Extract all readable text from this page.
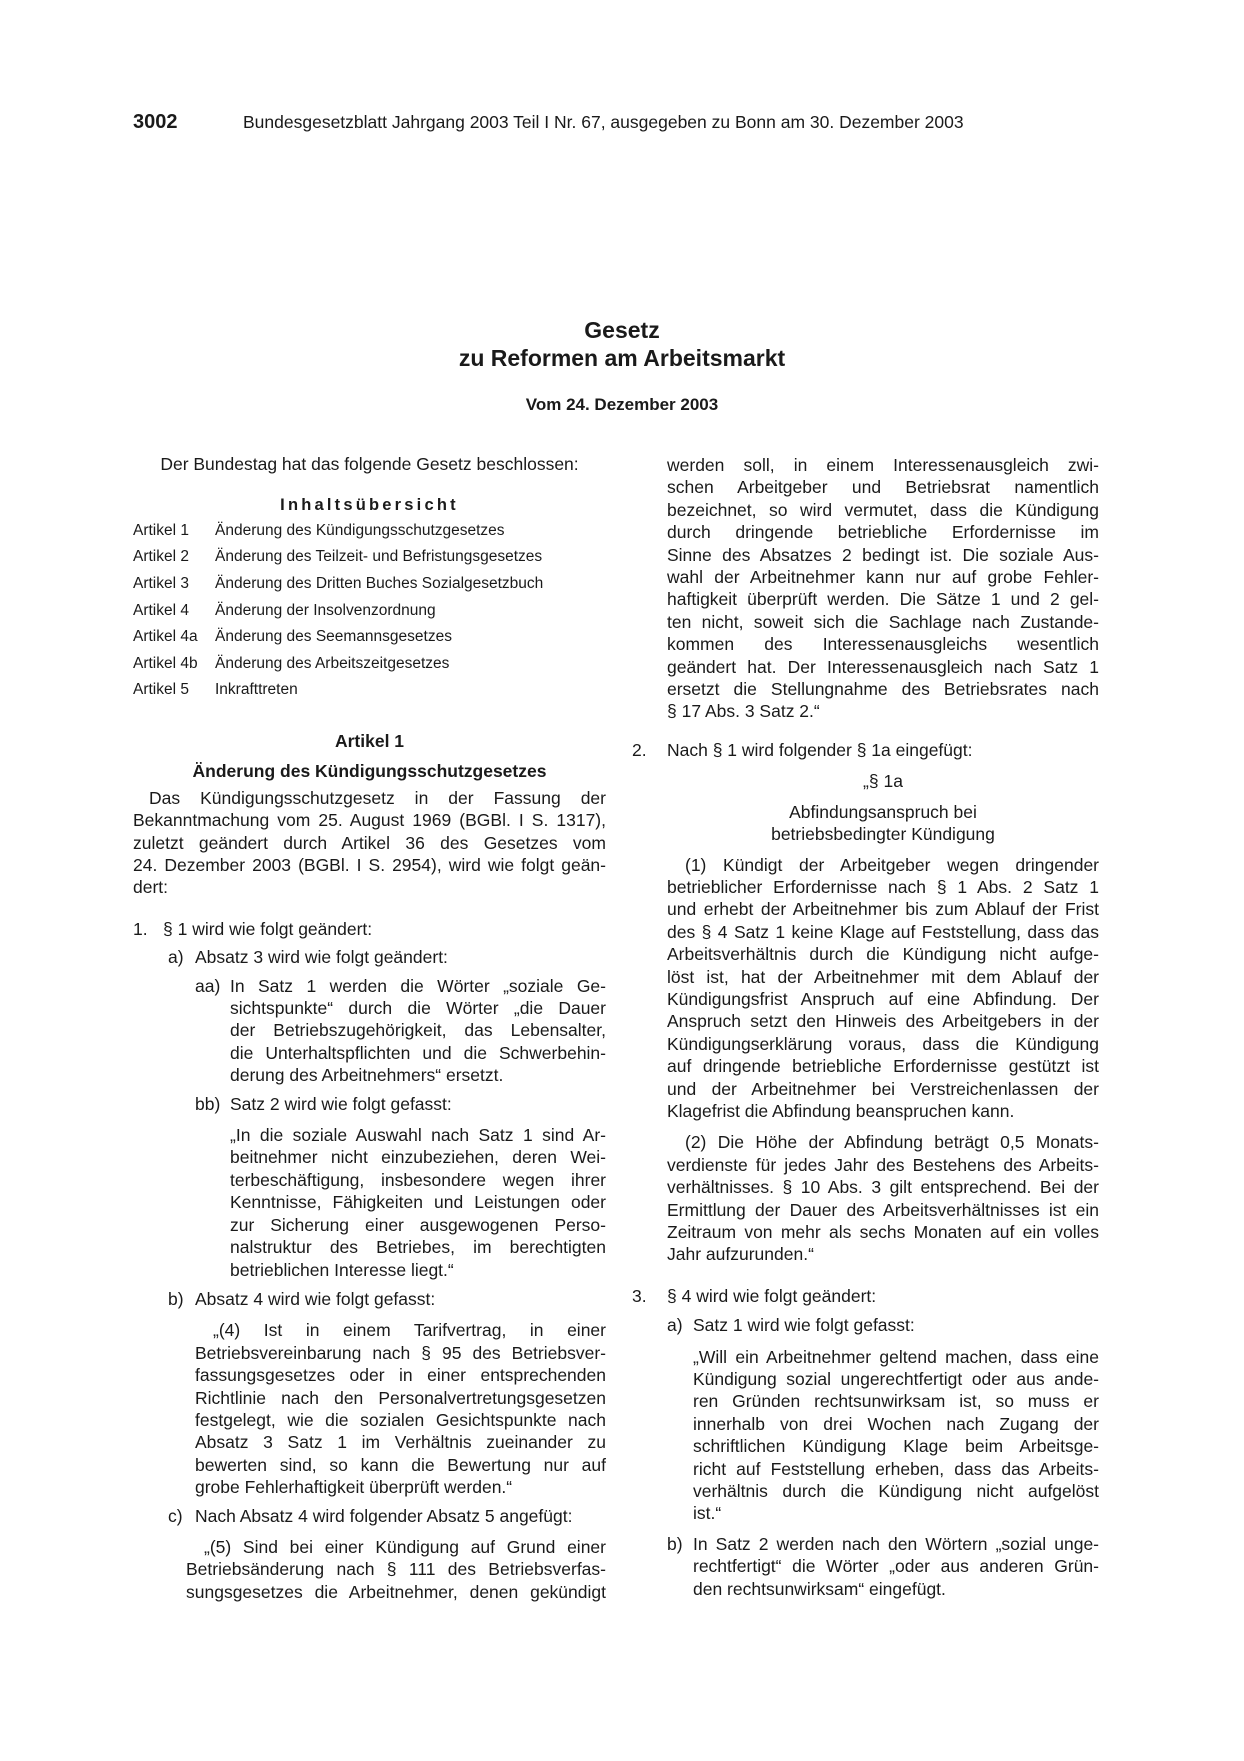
3002	Bundesgesetzblatt Jahrgang 2003 Teil I Nr. 67, ausgegeben zu Bonn am 30. Dezember 2003
Gesetz
zu Reformen am Arbeitsmarkt
Vom 24. Dezember 2003

Der Bundestag hat das folgende Gesetz beschlossen:

Inhaltsübersicht

Artikel 1	Änderung des Kündigungsschutzgesetzes
Artikel 2	Änderung des Teilzeit- und Befristungsgesetzes
Artikel 3	Änderung des Dritten Buches Sozialgesetzbuch
Artikel 4	Änderung der Insolvenzordnung
Artikel 4a	Änderung des Seemannsgesetzes
Artikel 4b	Änderung des Arbeitszeitgesetzes
Artikel 5	Inkrafttreten

Artikel 1

Änderung des Kündigungsschutzgesetzes

Das Kündigungsschutzgesetz in der Fassung der

Bekanntmachung vom 25. August 1969 (BGBl. I S. 1317),

zuletzt geändert durch Artikel 36 des Gesetzes vom

24. Dezember 2003 (BGBl. I S. 2954), wird wie folgt geän-

dert:

1. § 1 wird wie folgt geändert:
a) Absatz 3 wird wie folgt geändert:
aa) In Satz 1 werden die Wörter „soziale Ge-

sichtspunkte“ durch die Wörter „die Dauer

der Betriebszugehörigkeit, das Lebensalter,

die Unterhaltspflichten und die Schwerbehin-

derung des Arbeitnehmers“ ersetzt.

bb) Satz 2 wird wie folgt gefasst:

„In die soziale Auswahl nach Satz 1 sind Ar-

beitnehmer nicht einzubeziehen, deren Wei-

terbeschäftigung, insbesondere wegen ihrer

Kenntnisse, Fähigkeiten und Leistungen oder

zur Sicherung einer ausgewogenen Perso-

nalstruktur des Betriebes, im berechtigten

betrieblichen Interesse liegt.“

b) Absatz 4 wird wie folgt gefasst:

„(4) Ist in einem Tarifvertrag, in einer

Betriebsvereinbarung nach § 95 des Betriebsver-

fassungsgesetzes oder in einer entsprechenden

Richtlinie nach den Personalvertretungsgesetzen

festgelegt, wie die sozialen Gesichtspunkte nach

Absatz 3 Satz 1 im Verhältnis zueinander zu

bewerten sind, so kann die Bewertung nur auf

grobe Fehlerhaftigkeit überprüft werden.“

c) Nach Absatz 4 wird folgender Absatz 5 angefügt:

„(5) Sind bei einer Kündigung auf Grund einer

Betriebsänderung nach § 111 des Betriebsverfas-

sungsgesetzes die Arbeitnehmer, denen gekündigt

werden soll, in einem Interessenausgleich zwi-

schen Arbeitgeber und Betriebsrat namentlich

bezeichnet, so wird vermutet, dass die Kündigung

durch dringende betriebliche Erfordernisse im

Sinne des Absatzes 2 bedingt ist. Die soziale Aus-

wahl der Arbeitnehmer kann nur auf grobe Fehler-

haftigkeit überprüft werden. Die Sätze 1 und 2 gel-

ten nicht, soweit sich die Sachlage nach Zustande-

kommen des Interessenausgleichs wesentlich

geändert hat. Der Interessenausgleich nach Satz 1

ersetzt die Stellungnahme des Betriebsrates nach

§ 17 Abs. 3 Satz 2.“

2.	Nach § 1 wird folgender § 1a eingefügt:

„§ 1a

Abfindungsanspruch bei

betriebsbedingter Kündigung

(1) Kündigt der Arbeitgeber wegen dringender

betrieblicher Erfordernisse nach § 1 Abs. 2 Satz 1

und erhebt der Arbeitnehmer bis zum Ablauf der Frist

des § 4 Satz 1 keine Klage auf Feststellung, dass das

Arbeitsverhältnis durch die Kündigung nicht aufge-

löst ist, hat der Arbeitnehmer mit dem Ablauf der

Kündigungsfrist Anspruch auf eine Abfindung. Der

Anspruch setzt den Hinweis des Arbeitgebers in der

Kündigungserklärung voraus, dass die Kündigung

auf dringende betriebliche Erfordernisse gestützt ist

und der Arbeitnehmer bei Verstreichenlassen der

Klagefrist die Abfindung beanspruchen kann.

(2) Die Höhe der Abfindung beträgt 0,5 Monats-

verdienste für jedes Jahr des Bestehens des Arbeits-

verhältnisses. § 10 Abs. 3 gilt entsprechend. Bei der

Ermittlung der Dauer des Arbeitsverhältnisses ist ein

Zeitraum von mehr als sechs Monaten auf ein volles

Jahr aufzurunden.“

3.	§ 4 wird wie folgt geändert:
a) Satz 1 wird wie folgt gefasst:

„Will ein Arbeitnehmer geltend machen, dass eine

Kündigung sozial ungerechtfertigt oder aus ande-

ren Gründen rechtsunwirksam ist, so muss er

innerhalb von drei Wochen nach Zugang der

schriftlichen Kündigung Klage beim Arbeitsge-

richt auf Feststellung erheben, dass das Arbeits-

verhältnis durch die Kündigung nicht aufgelöst

ist.“

b) In Satz 2 werden nach den Wörtern „sozial unge-

rechtfertigt“ die Wörter „oder aus anderen Grün-

den rechtsunwirksam“ eingefügt.
